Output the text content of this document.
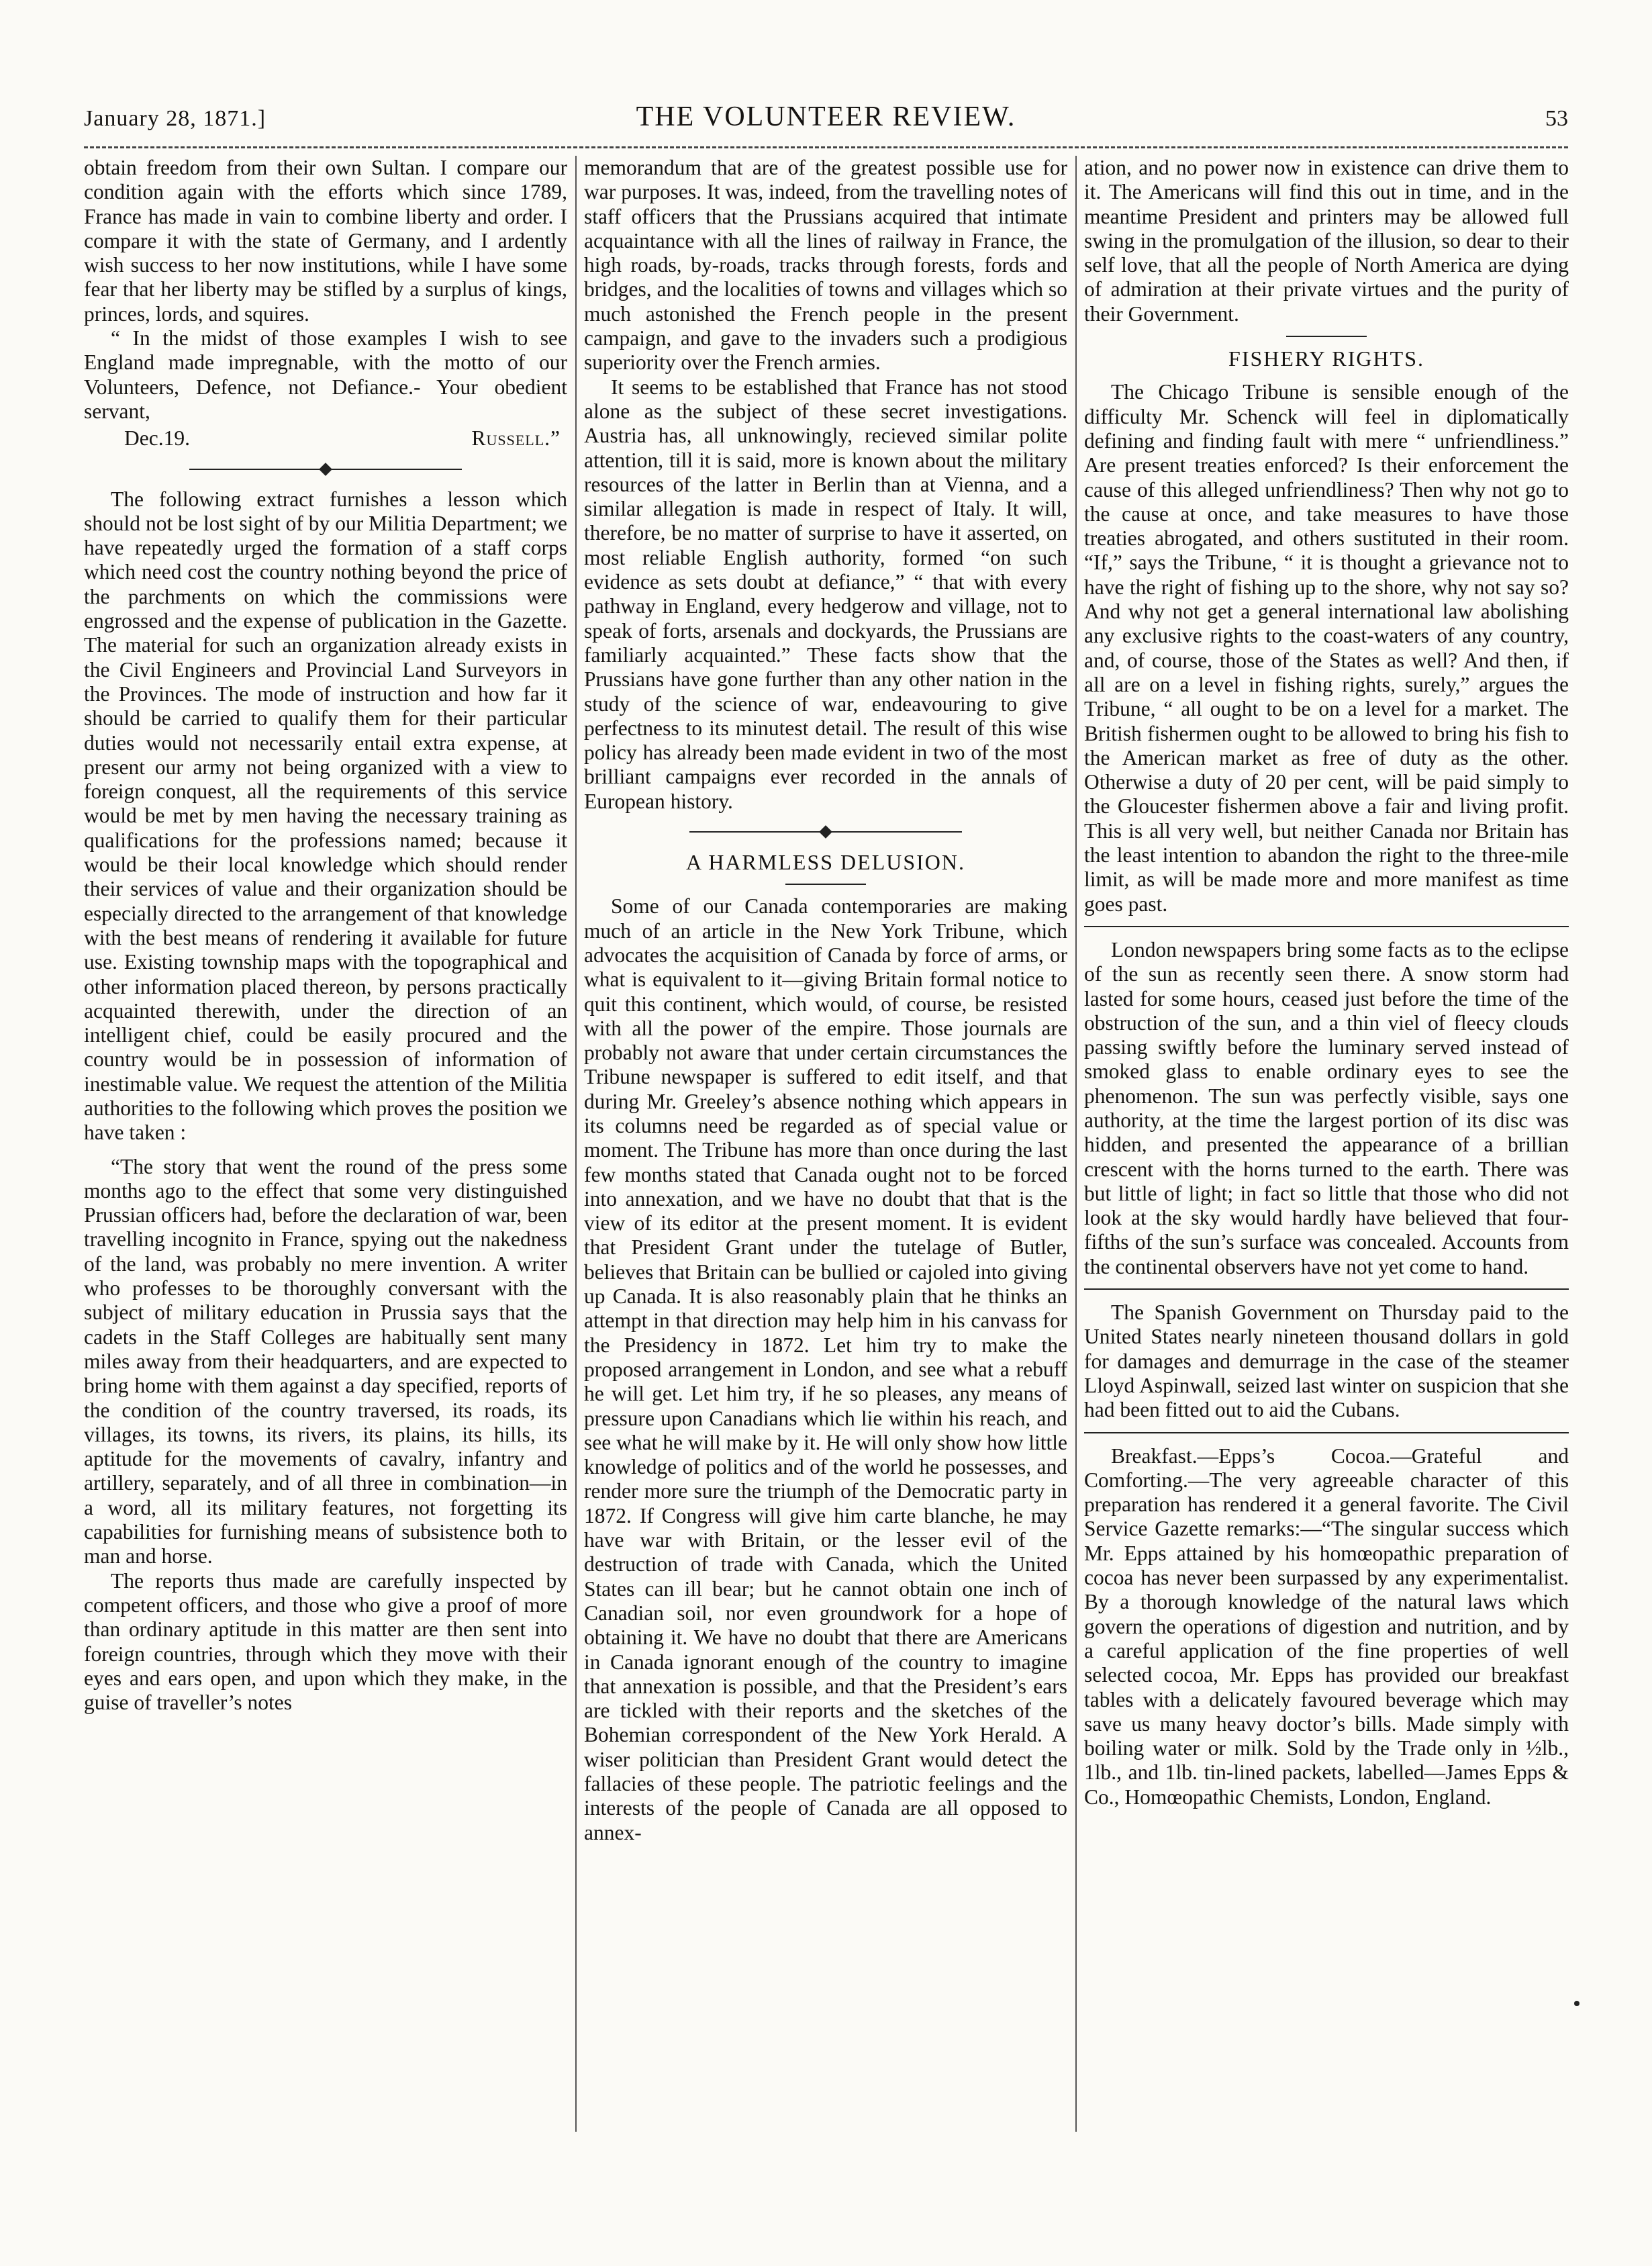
January 28, 1871.]	THE VOLUNTEER REVIEW.	53

obtain freedom from their own Sultan. I compare our condition again with the efforts which since 1789, France has made in vain to combine liberty and order. I compare it with the state of Germany, and I ardently wish success to her now institutions, while I have some fear that her liberty may be stifled by a surplus of kings, princes, lords, and squires.

“ In the midst of those examples I wish to see England made impregnable, with the motto of our Volunteers, Defence, not Defiance.- Your obedient servant,

Dec.19.	Russell.”

The following extract furnishes a lesson which should not be lost sight of by our Militia Department; we have repeatedly urged the formation of a staff corps which need cost the country nothing beyond the price of the parchments on which the commissions were engrossed and the expense of publication in the Gazette. The material for such an organization already exists in the Civil Engineers and Provincial Land Surveyors in the Provinces. The mode of instruction and how far it should be carried to qualify them for their particular duties would not necessarily entail extra expense, at present our army not being organized with a view to foreign conquest, all the requirements of this service would be met by men having the necessary training as qualifications for the professions named; because it would be their local knowledge which should render their services of value and their organization should be especially directed to the arrangement of that knowledge with the best means of rendering it available for future use. Existing township maps with the topographical and other information placed thereon, by persons practically acquainted therewith, under the direction of an intelligent chief, could be easily procured and the country would be in possession of information of inestimable value. We request the attention of the Militia authorities to the following which proves the position we have taken :

“The story that went the round of the press some months ago to the effect that some very distinguished Prussian officers had, before the declaration of war, been travelling incognito in France, spying out the nakedness of the land, was probably no mere invention. A writer who professes to be thoroughly conversant with the subject of military education in Prussia says that the cadets in the Staff Colleges are habitually sent many miles away from their headquarters, and are expected to bring home with them against a day specified, reports of the condition of the country traversed, its roads, its villages, its towns, its rivers, its plains, its hills, its aptitude for the movements of cavalry, infantry and artillery, separately, and of all three in combination—in a word, all its military features, not forgetting its capabilities for furnishing means of subsistence both to man and horse.

The reports thus made are carefully inspected by competent officers, and those who give a proof of more than ordinary aptitude in this matter are then sent into foreign countries, through which they move with their eyes and ears open, and upon which they make, in the guise of traveller’s notes

memorandum that are of the greatest possible use for war purposes. It was, indeed, from the travelling notes of staff officers that the Prussians acquired that intimate acquaintance with all the lines of railway in France, the high roads, by-roads, tracks through forests, fords and bridges, and the localities of towns and villages which so much astonished the French people in the present campaign, and gave to the invaders such a prodigious superiority over the French armies.

It seems to be established that France has not stood alone as the subject of these secret investigations. Austria has, all unknowingly, recieved similar polite attention, till it is said, more is known about the military resources of the latter in Berlin than at Vienna, and a similar allegation is made in respect of Italy. It will, therefore, be no matter of surprise to have it asserted, on most reliable English authority, formed “on such evidence as sets doubt at defiance,” “ that with every pathway in England, every hedgerow and village, not to speak of forts, arsenals and dockyards, the Prussians are familiarly acquainted.” These facts show that the Prussians have gone further than any other nation in the study of the science of war, endeavouring to give perfectness to its minutest detail. The result of this wise policy has already been made evident in two of the most brilliant campaigns ever recorded in the annals of European history.

A HARMLESS DELUSION.

Some of our Canada contemporaries are making much of an article in the New York Tribune, which advocates the acquisition of Canada by force of arms, or what is equivalent to it—giving Britain formal notice to quit this continent, which would, of course, be resisted with all the power of the empire. Those journals are probably not aware that under certain circumstances the Tribune newspaper is suffered to edit itself, and that during Mr. Greeley’s absence nothing which appears in its columns need be regarded as of special value or moment. The Tribune has more than once during the last few months stated that Canada ought not to be forced into annexation, and we have no doubt that that is the view of its editor at the present moment. It is evident that President Grant under the tutelage of Butler, believes that Britain can be bullied or cajoled into giving up Canada. It is also reasonably plain that he thinks an attempt in that direction may help him in his canvass for the Presidency in 1872. Let him try to make the proposed arrangement in London, and see what a rebuff he will get. Let him try, if he so pleases, any means of pressure upon Canadians which lie within his reach, and see what he will make by it. He will only show how little knowledge of politics and of the world he possesses, and render more sure the triumph of the Democratic party in 1872. If Congress will give him carte blanche, he may have war with Britain, or the lesser evil of the destruction of trade with Canada, which the United States can ill bear; but he cannot obtain one inch of Canadian soil, nor even groundwork for a hope of obtaining it. We have no doubt that there are Americans in Canada ignorant enough of the country to imagine that annexation is possible, and that the President’s ears are tickled with their reports and the sketches of the Bohemian correspondent of the New York Herald. A wiser politician than President Grant would detect the fallacies of these people. The patriotic feelings and the interests of the people of Canada are all opposed to annex-

ation, and no power now in existence can drive them to it. The Americans will find this out in time, and in the meantime President and printers may be allowed full swing in the promulgation of the illusion, so dear to their self love, that all the people of North America are dying of admiration at their private virtues and the purity of their Government.

FISHERY RIGHTS.

The Chicago Tribune is sensible enough of the difficulty Mr. Schenck will feel in diplomatically defining and finding fault with mere “ unfriendliness.” Are present treaties enforced? Is their enforcement the cause of this alleged unfriendliness? Then why not go to the cause at once, and take measures to have those treaties abrogated, and others sustituted in their room. “If,” says the Tribune, “ it is thought a grievance not to have the right of fishing up to the shore, why not say so? And why not get a general international law abolishing any exclusive rights to the coast-waters of any country, and, of course, those of the States as well? And then, if all are on a level in fishing rights, surely,” argues the Tribune, “ all ought to be on a level for a market. The British fishermen ought to be allowed to bring his fish to the American market as free of duty as the other. Otherwise a duty of 20 per cent, will be paid simply to the Gloucester fishermen above a fair and living profit. This is all very well, but neither Canada nor Britain has the least intention to abandon the right to the three-mile limit, as will be made more and more manifest as time goes past.

London newspapers bring some facts as to the eclipse of the sun as recently seen there. A snow storm had lasted for some hours, ceased just before the time of the obstruction of the sun, and a thin viel of fleecy clouds passing swiftly before the luminary served instead of smoked glass to enable ordinary eyes to see the phenomenon. The sun was perfectly visible, says one authority, at the time the largest portion of its disc was hidden, and presented the appearance of a brillian crescent with the horns turned to the earth. There was but little of light; in fact so little that those who did not look at the sky would hardly have believed that four-fifths of the sun’s surface was concealed. Accounts from the continental observers have not yet come to hand.

The Spanish Government on Thursday paid to the United States nearly nineteen thousand dollars in gold for damages and demurrage in the case of the steamer Lloyd Aspinwall, seized last winter on suspicion that she had been fitted out to aid the Cubans.

Breakfast.—Epps’s Cocoa.—Grateful and Comforting.—The very agreeable character of this preparation has rendered it a general favorite. The Civil Service Gazette remarks:—“The singular success which Mr. Epps attained by his homœopathic preparation of cocoa has never been surpassed by any experimentalist. By a thorough knowledge of the natural laws which govern the operations of digestion and nutrition, and by a careful application of the fine properties of well selected cocoa, Mr. Epps has provided our breakfast tables with a delicately favoured beverage which may save us many heavy doctor’s bills. Made simply with boiling water or milk. Sold by the Trade only in ½lb., 1lb., and 1lb. tin-lined packets, labelled—James Epps & Co., Homœopathic Chemists, London, England.
